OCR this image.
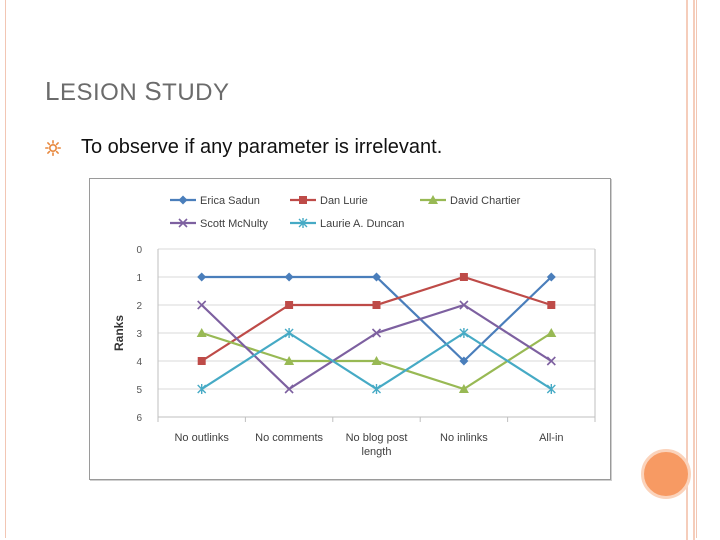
LESION STUDY
To observe if any parameter is irrelevant.
0
1
2
3
4
5
6
No outlinks No comments No blog post length
No inlinks	All-in
Ranks
Erica Sadun	Dan Lurie	David Chartier
Scott McNulty	Laurie A. Duncan
